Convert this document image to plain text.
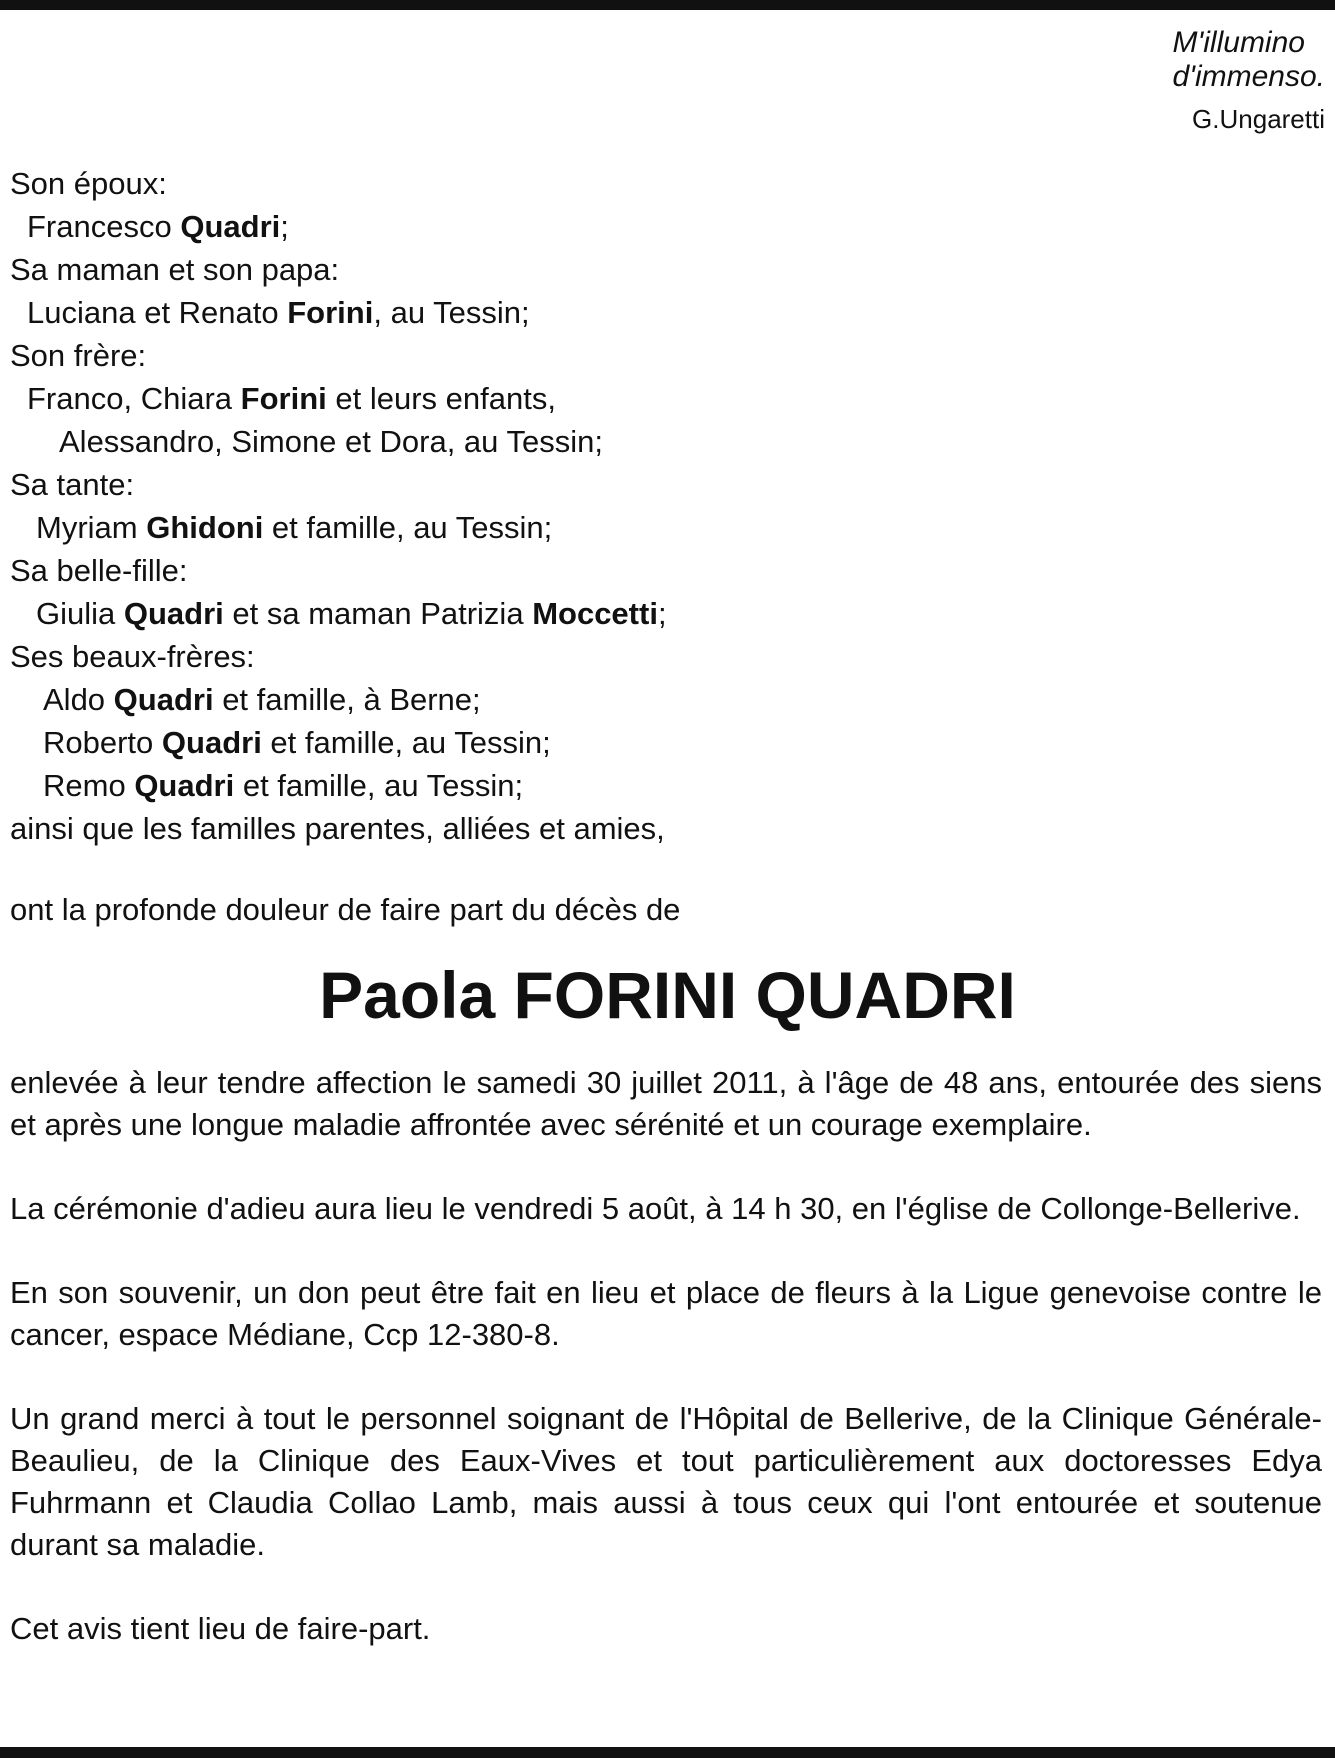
M'illumino
d'immenso.
G.Ungaretti
Son époux:
Francesco Quadri;
Sa maman et son papa:
Luciana et Renato Forini, au Tessin;
Son frère:
Franco, Chiara Forini et leurs enfants,
Alessandro, Simone et Dora, au Tessin;
Sa tante:
Myriam Ghidoni et famille, au Tessin;
Sa belle-fille:
Giulia Quadri et sa maman Patrizia Moccetti;
Ses beaux-frères:
Aldo Quadri et famille, à Berne;
Roberto Quadri et famille, au Tessin;
Remo Quadri et famille, au Tessin;
ainsi que les familles parentes, alliées et amies,
ont la profonde douleur de faire part du décès de
Paola FORINI QUADRI

enlevée à leur tendre affection le samedi 30 juillet 2011, à l'âge de 48 ans, entourée des siens et après une longue maladie affrontée avec sérénité et un courage exemplaire.

La cérémonie d'adieu aura lieu le vendredi 5 août, à 14 h 30, en l'église de Collonge-Bellerive.

En son souvenir, un don peut être fait en lieu et place de fleurs à la Ligue genevoise contre le cancer, espace Médiane, Ccp 12-380-8.

Un grand merci à tout le personnel soignant de l'Hôpital de Bellerive, de la Clinique Générale-Beaulieu, de la Clinique des Eaux-Vives et tout particulièrement aux doctoresses Edya Fuhrmann et Claudia Collao Lamb, mais aussi à tous ceux qui l'ont entourée et soutenue durant sa maladie.

Cet avis tient lieu de faire-part.
